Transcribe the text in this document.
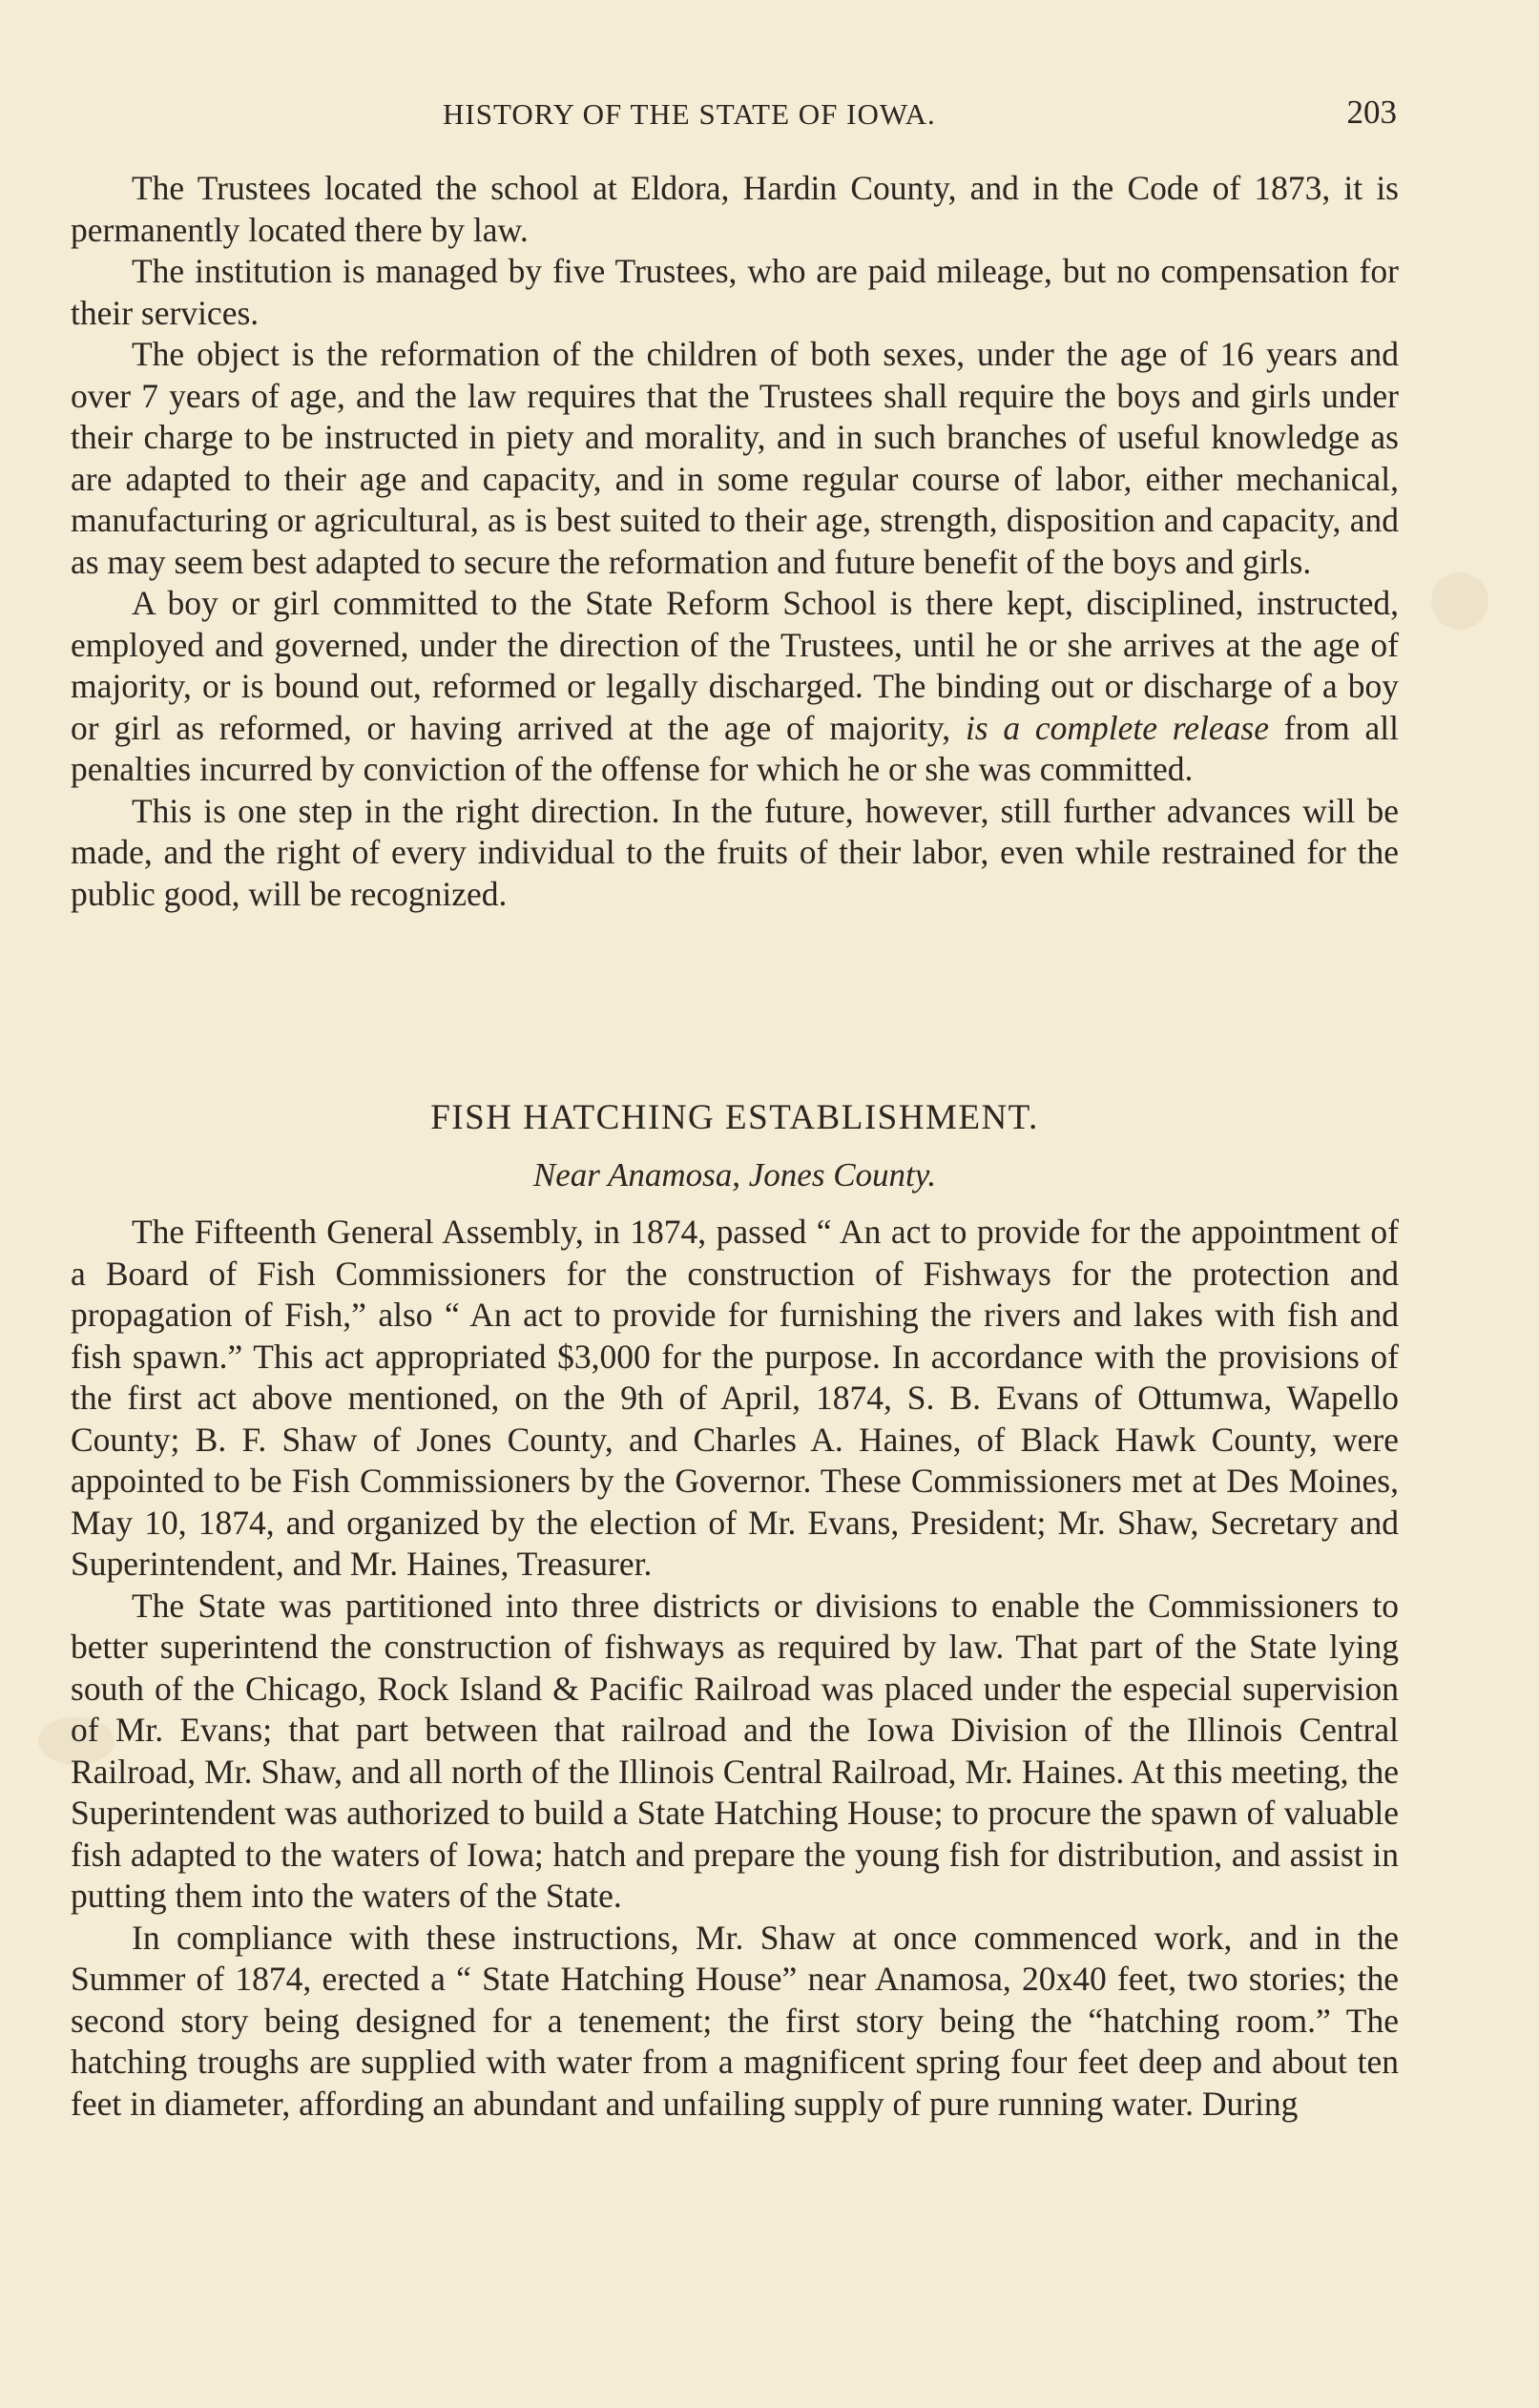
HISTORY OF THE STATE OF IOWA.	203

The Trustees located the school at Eldora, Hardin County, and in the Code of 1873, it is permanently located there by law.

The institution is managed by five Trustees, who are paid mileage, but no compensation for their services.

The object is the reformation of the children of both sexes, under the age of 16 years and over 7 years of age, and the law requires that the Trustees shall require the boys and girls under their charge to be instructed in piety and morality, and in such branches of useful knowledge as are adapted to their age and capacity, and in some regular course of labor, either mechanical, manufacturing or agricultural, as is best suited to their age, strength, disposition and capacity, and as may seem best adapted to secure the reformation and future benefit of the boys and girls.

A boy or girl committed to the State Reform School is there kept, disciplined, instructed, employed and governed, under the direction of the Trustees, until he or she arrives at the age of majority, or is bound out, reformed or legally discharged. The binding out or discharge of a boy or girl as reformed, or having arrived at the age of majority, is a complete release from all penalties incurred by conviction of the offense for which he or she was committed.

This is one step in the right direction. In the future, however, still further advances will be made, and the right of every individual to the fruits of their labor, even while restrained for the public good, will be recognized.

FISH HATCHING ESTABLISHMENT.
Near Anamosa, Jones County.

The Fifteenth General Assembly, in 1874, passed “ An act to provide for the appointment of a Board of Fish Commissioners for the construction of Fishways for the protection and propagation of Fish,” also “ An act to provide for furnishing the rivers and lakes with fish and fish spawn.” This act appropriated $3,000 for the purpose. In accordance with the provisions of the first act above mentioned, on the 9th of April, 1874, S. B. Evans of Ottumwa, Wapello County; B. F. Shaw of Jones County, and Charles A. Haines, of Black Hawk County, were appointed to be Fish Commissioners by the Governor. These Commissioners met at Des Moines, May 10, 1874, and organized by the election of Mr. Evans, President; Mr. Shaw, Secretary and Superintendent, and Mr. Haines, Treasurer.

The State was partitioned into three districts or divisions to enable the Commissioners to better superintend the construction of fishways as required by law. That part of the State lying south of the Chicago, Rock Island & Pacific Railroad was placed under the especial supervision of Mr. Evans; that part between that railroad and the Iowa Division of the Illinois Central Railroad, Mr. Shaw, and all north of the Illinois Central Railroad, Mr. Haines. At this meeting, the Superintendent was authorized to build a State Hatching House; to procure the spawn of valuable fish adapted to the waters of Iowa; hatch and prepare the young fish for distribution, and assist in putting them into the waters of the State.

In compliance with these instructions, Mr. Shaw at once commenced work, and in the Summer of 1874, erected a “ State Hatching House” near Anamosa, 20x40 feet, two stories; the second story being designed for a tenement; the first story being the “hatching room.” The hatching troughs are supplied with water from a magnificent spring four feet deep and about ten feet in diameter, affording an abundant and unfailing supply of pure running water. During
